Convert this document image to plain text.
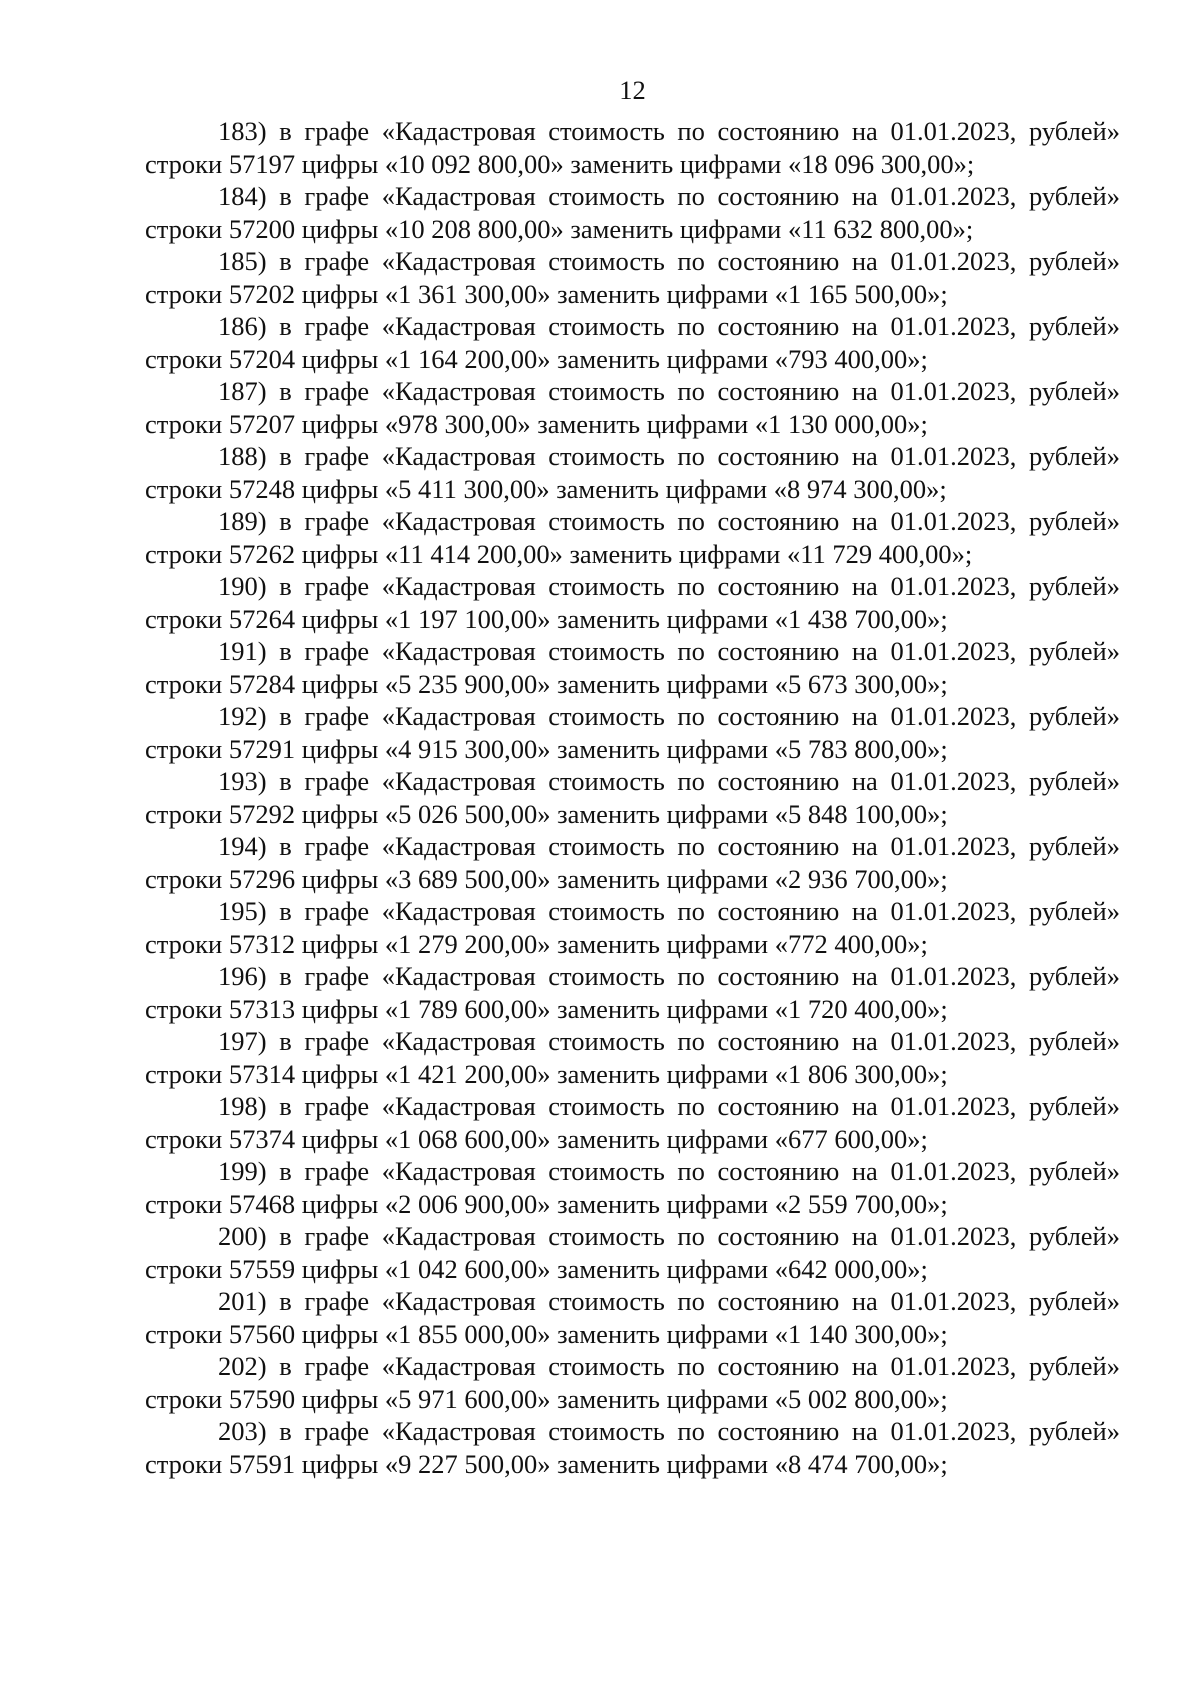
12

183) в графе «Кадастровая стоимость по состоянию на 01.01.2023, рублей» строки 57197 цифры «10 092 800,00» заменить цифрами «18 096 300,00»;

184) в графе «Кадастровая стоимость по состоянию на 01.01.2023, рублей» строки 57200 цифры «10 208 800,00» заменить цифрами «11 632 800,00»;

185) в графе «Кадастровая стоимость по состоянию на 01.01.2023, рублей» строки 57202 цифры «1 361 300,00» заменить цифрами «1 165 500,00»;

186) в графе «Кадастровая стоимость по состоянию на 01.01.2023, рублей» строки 57204 цифры «1 164 200,00» заменить цифрами «793 400,00»;

187) в графе «Кадастровая стоимость по состоянию на 01.01.2023, рублей» строки 57207 цифры «978 300,00» заменить цифрами «1 130 000,00»;

188) в графе «Кадастровая стоимость по состоянию на 01.01.2023, рублей» строки 57248 цифры «5 411 300,00» заменить цифрами «8 974 300,00»;

189) в графе «Кадастровая стоимость по состоянию на 01.01.2023, рублей» строки 57262 цифры «11 414 200,00» заменить цифрами «11 729 400,00»;

190) в графе «Кадастровая стоимость по состоянию на 01.01.2023, рублей» строки 57264 цифры «1 197 100,00» заменить цифрами «1 438 700,00»;

191) в графе «Кадастровая стоимость по состоянию на 01.01.2023, рублей» строки 57284 цифры «5 235 900,00» заменить цифрами «5 673 300,00»;

192) в графе «Кадастровая стоимость по состоянию на 01.01.2023, рублей» строки 57291 цифры «4 915 300,00» заменить цифрами «5 783 800,00»;

193) в графе «Кадастровая стоимость по состоянию на 01.01.2023, рублей» строки 57292 цифры «5 026 500,00» заменить цифрами «5 848 100,00»;

194) в графе «Кадастровая стоимость по состоянию на 01.01.2023, рублей» строки 57296 цифры «3 689 500,00» заменить цифрами «2 936 700,00»;

195) в графе «Кадастровая стоимость по состоянию на 01.01.2023, рублей» строки 57312 цифры «1 279 200,00» заменить цифрами «772 400,00»;

196) в графе «Кадастровая стоимость по состоянию на 01.01.2023, рублей» строки 57313 цифры «1 789 600,00» заменить цифрами «1 720 400,00»;

197) в графе «Кадастровая стоимость по состоянию на 01.01.2023, рублей» строки 57314 цифры «1 421 200,00» заменить цифрами «1 806 300,00»;

198) в графе «Кадастровая стоимость по состоянию на 01.01.2023, рублей» строки 57374 цифры «1 068 600,00» заменить цифрами «677 600,00»;

199) в графе «Кадастровая стоимость по состоянию на 01.01.2023, рублей» строки 57468 цифры «2 006 900,00» заменить цифрами «2 559 700,00»;

200) в графе «Кадастровая стоимость по состоянию на 01.01.2023, рублей» строки 57559 цифры «1 042 600,00» заменить цифрами «642 000,00»;

201) в графе «Кадастровая стоимость по состоянию на 01.01.2023, рублей» строки 57560 цифры «1 855 000,00» заменить цифрами «1 140 300,00»;

202) в графе «Кадастровая стоимость по состоянию на 01.01.2023, рублей» строки 57590 цифры «5 971 600,00» заменить цифрами «5 002 800,00»;

203) в графе «Кадастровая стоимость по состоянию на 01.01.2023, рублей» строки 57591 цифры «9 227 500,00» заменить цифрами «8 474 700,00»;
